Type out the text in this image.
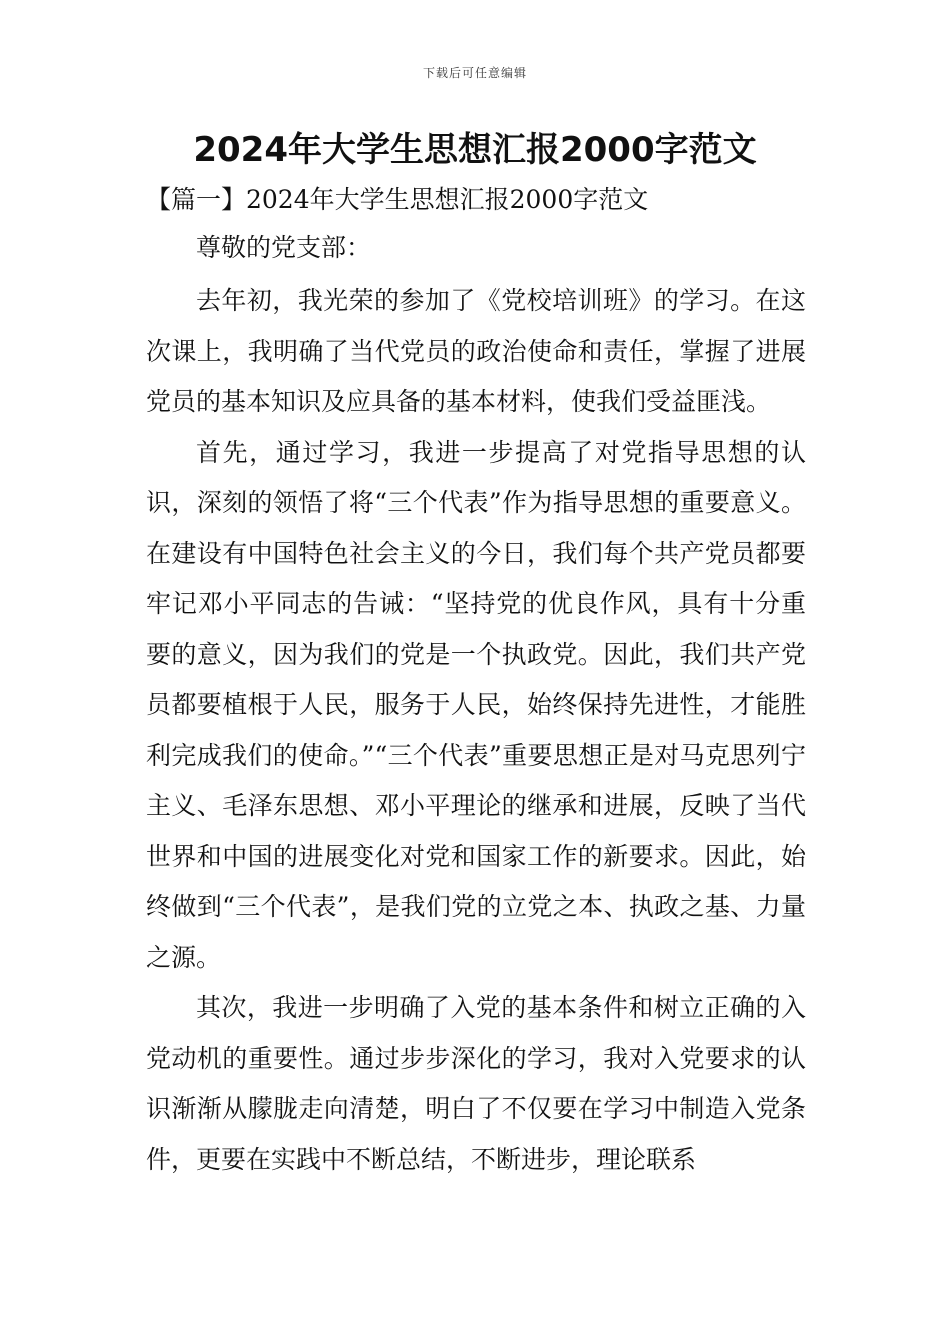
下载后可任意编辑
2024年大学生思想汇报2000字范文

【篇一】2024年大学生思想汇报2000字范文

尊敬的党支部：

去年初，我光荣的参加了《党校培训班》的学习。在这次课上，我明确了当代党员的政治使命和责任，掌握了进展党员的基本知识及应具备的基本材料，使我们受益匪浅。

首先，通过学习，我进一步提高了对党指导思想的认识，深刻的领悟了将“三个代表”作为指导思想的重要意义。在建设有中国特色社会主义的今日，我们每个共产党员都要牢记邓小平同志的告诫：“坚持党的优良作风，具有十分重要的意义，因为我们的党是一个执政党。因此，我们共产党员都要植根于人民，服务于人民，始终保持先进性，才能胜利完成我们的使命。”“三个代表”重要思想正是对马克思列宁主义、毛泽东思想、邓小平理论的继承和进展，反映了当代世界和中国的进展变化对党和国家工作的新要求。因此，始终做到“三个代表”，是我们党的立党之本、执政之基、力量之源。

其次，我进一步明确了入党的基本条件和树立正确的入党动机的重要性。通过步步深化的学习，我对入党要求的认识渐渐从朦胧走向清楚，明白了不仅要在学习中制造入党条件，更要在实践中不断总结，不断进步，理论联系
